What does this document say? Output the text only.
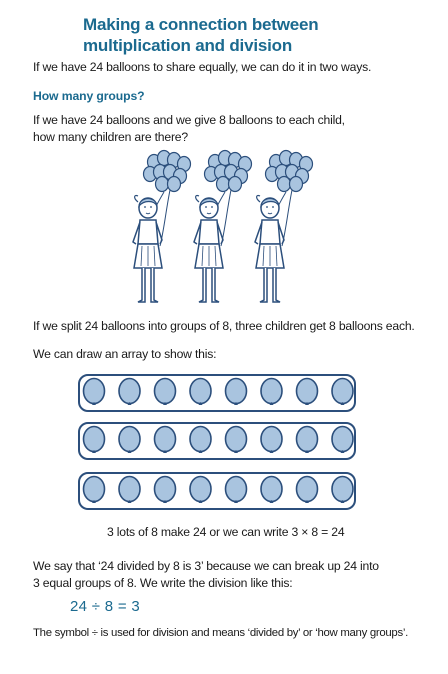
Making a connection between
multiplication and division
If we have 24 balloons to share equally, we can do it in two ways.
How many groups?
If we have 24 balloons and we give 8 balloons to each child,
how many children are there?
If we split 24 balloons into groups of 8, three children get 8 balloons each.
We can draw an array to show this:
3 lots of 8 make 24 or we can write 3 × 8 = 24
We say that ‘24 divided by 8 is 3’ because we can break up 24 into
3 equal groups of 8. We write the division like this:
24 ÷ 8 = 3
The symbol ÷ is used for division and means ‘divided by’ or ‘how many groups’.
